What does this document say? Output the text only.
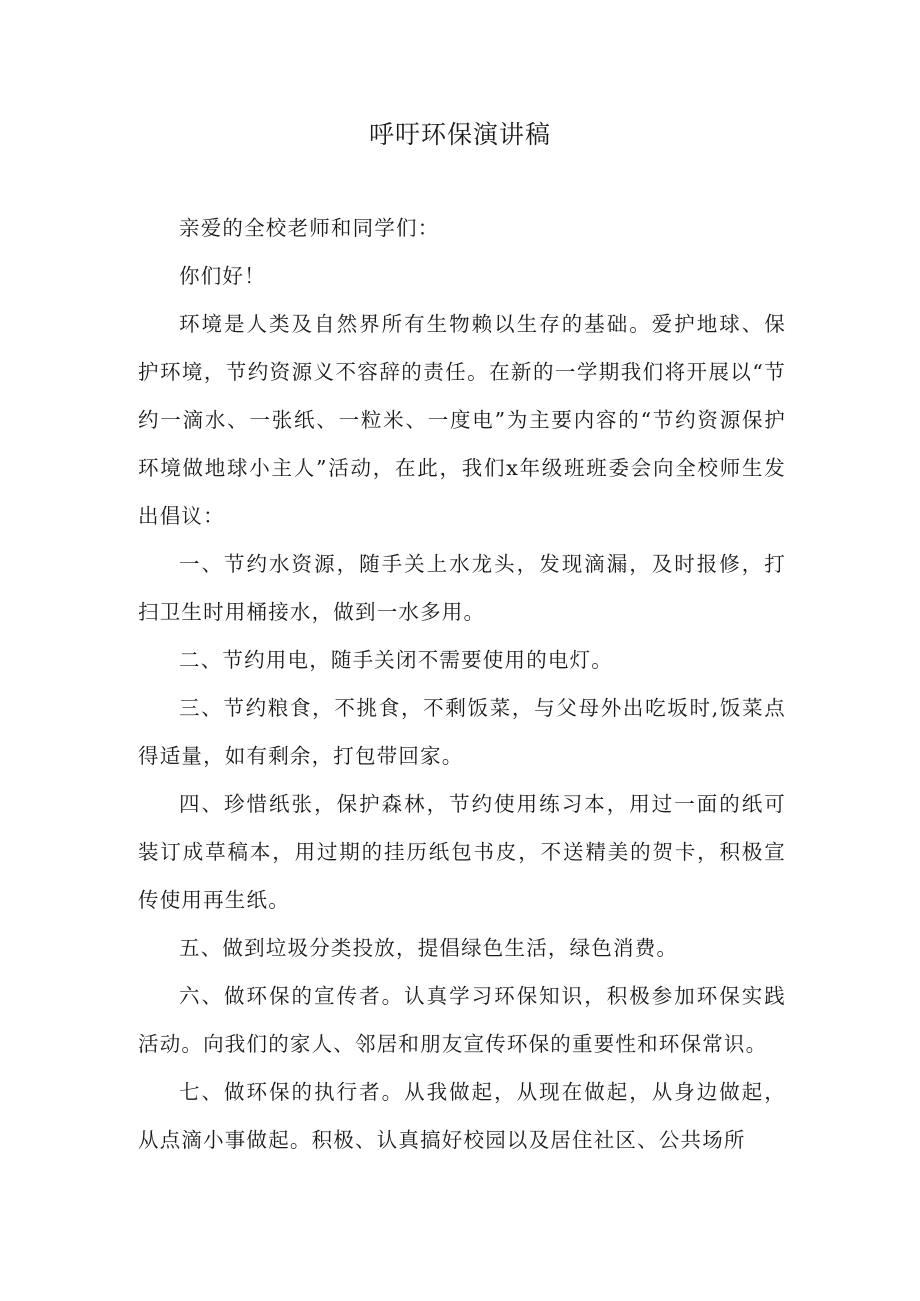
呼吁环保演讲稿

亲爱的全校老师和同学们：

你们好！

环境是人类及自然界所有生物赖以生存的基础。爱护地球、保护环境，节约资源义不容辞的责任。在新的一学期我们将开展以“节约一滴水、一张纸、一粒米、一度电”为主要内容的“节约资源保护环境做地球小主人”活动，在此，我们x年级班班委会向全校师生发出倡议：

一、节约水资源，随手关上水龙头，发现滴漏，及时报修，打扫卫生时用桶接水，做到一水多用。

二、节约用电，随手关闭不需要使用的电灯。

三、节约粮食，不挑食，不剩饭菜，与父母外出吃坂时,饭菜点得适量，如有剩余，打包带回家。

四、珍惜纸张，保护森林，节约使用练习本，用过一面的纸可装订成草稿本，用过期的挂历纸包书皮，不送精美的贺卡，积极宣传使用再生纸。

五、做到垃圾分类投放，提倡绿色生活，绿色消费。

六、做环保的宣传者。认真学习环保知识，积极参加环保实践活动。向我们的家人、邻居和朋友宣传环保的重要性和环保常识。

七、做环保的执行者。从我做起，从现在做起，从身边做起，从点滴小事做起。积极、认真搞好校园以及居住社区、公共场所
